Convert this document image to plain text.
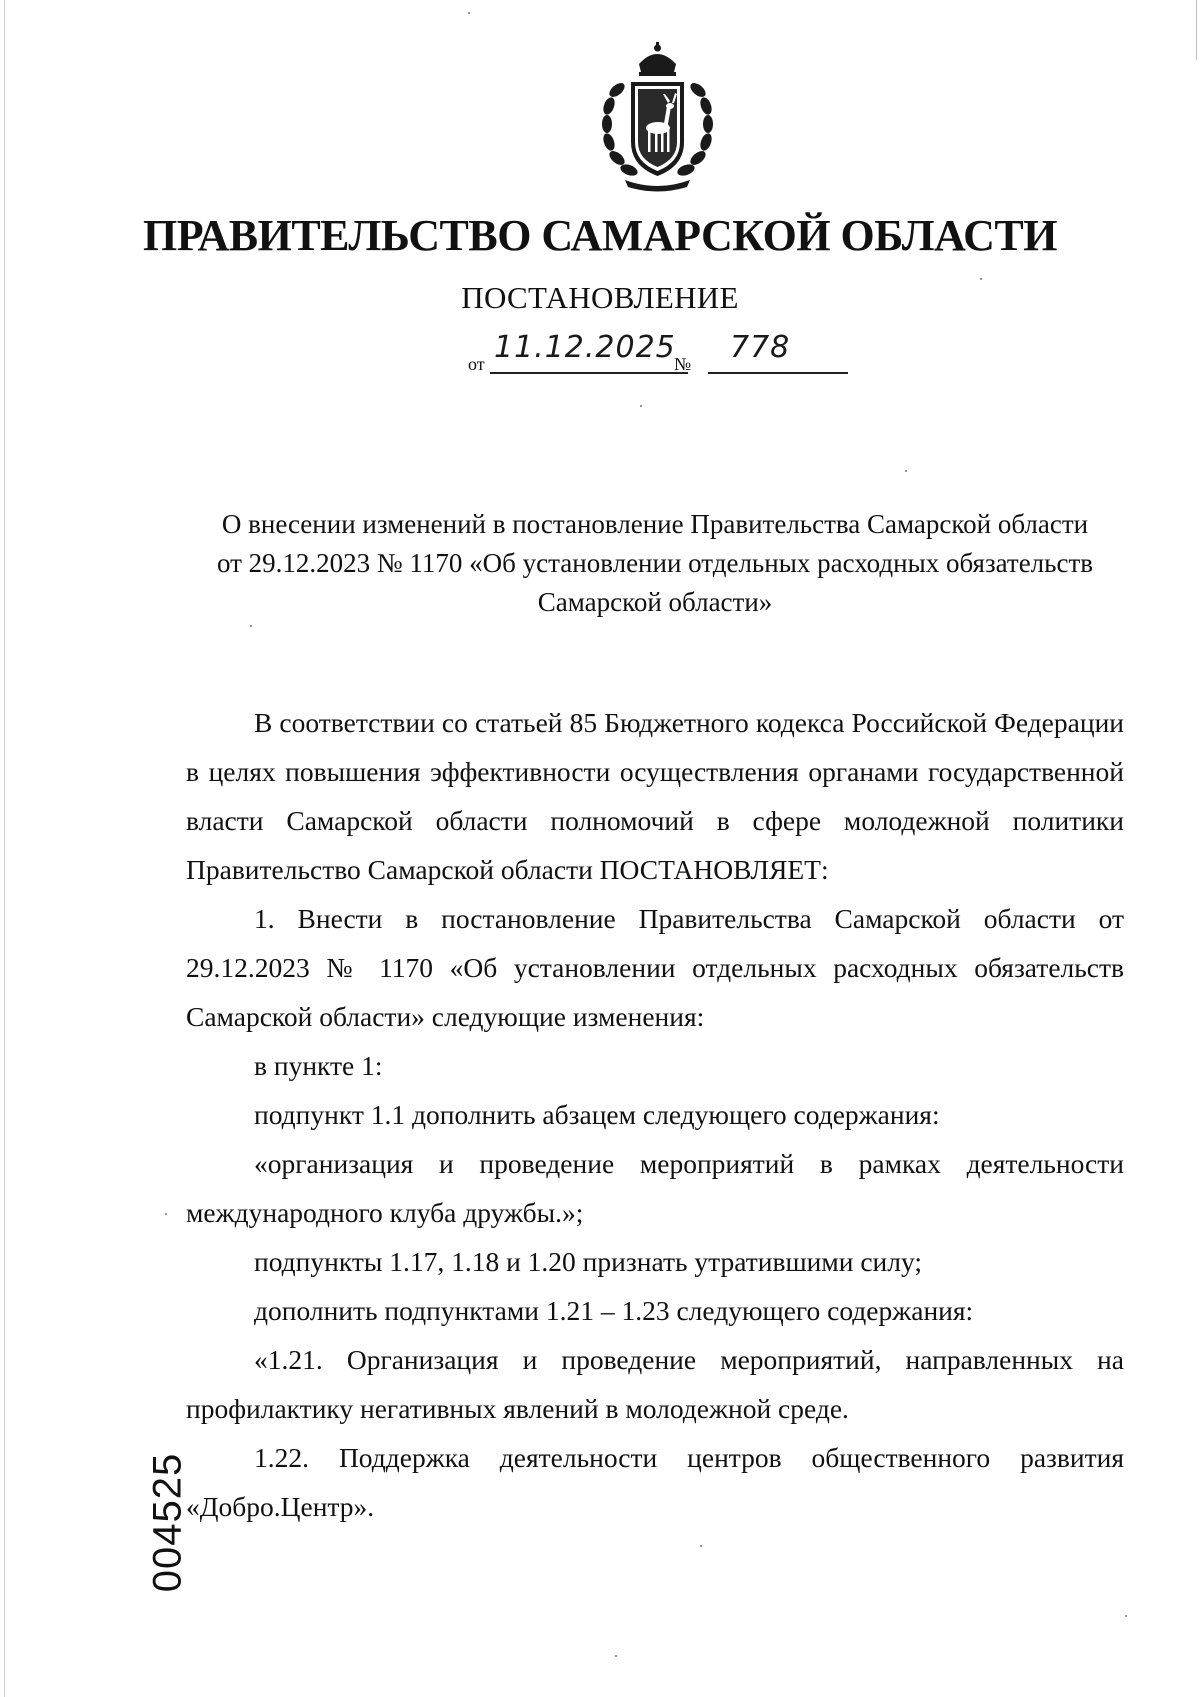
ПРАВИТЕЛЬСТВО САМАРСКОЙ ОБЛАСТИ
ПОСТАНОВЛЕНИЕ
от 11.12.2025
№ 778
О внесении изменений в постановление Правительства Самарской области
от 29.12.2023 № 1170 «Об установлении отдельных расходных обязательств
Самарской области»

В соответствии со статьей 85 Бюджетного кодекса Российской Федерации в целях повышения эффективности осуществления органами государственной власти Самарской области полномочий в сфере молодежной политики Правительство Самарской области ПОСТАНОВЛЯЕТ:

1. Внести в постановление Правительства Самарской области от 29.12.2023 № 1170 «Об установлении отдельных расходных обязательств Самарской области» следующие изменения:

в пункте 1:

подпункт 1.1 дополнить абзацем следующего содержания:

«организация и проведение мероприятий в рамках деятельности международного клуба дружбы.»;

подпункты 1.17, 1.18 и 1.20 признать утратившими силу;

дополнить подпунктами 1.21 – 1.23 следующего содержания:

«1.21. Организация и проведение мероприятий, направленных на профилактику негативных явлений в молодежной среде.

1.22. Поддержка деятельности центров общественного развития «Добро.Центр».

004525
